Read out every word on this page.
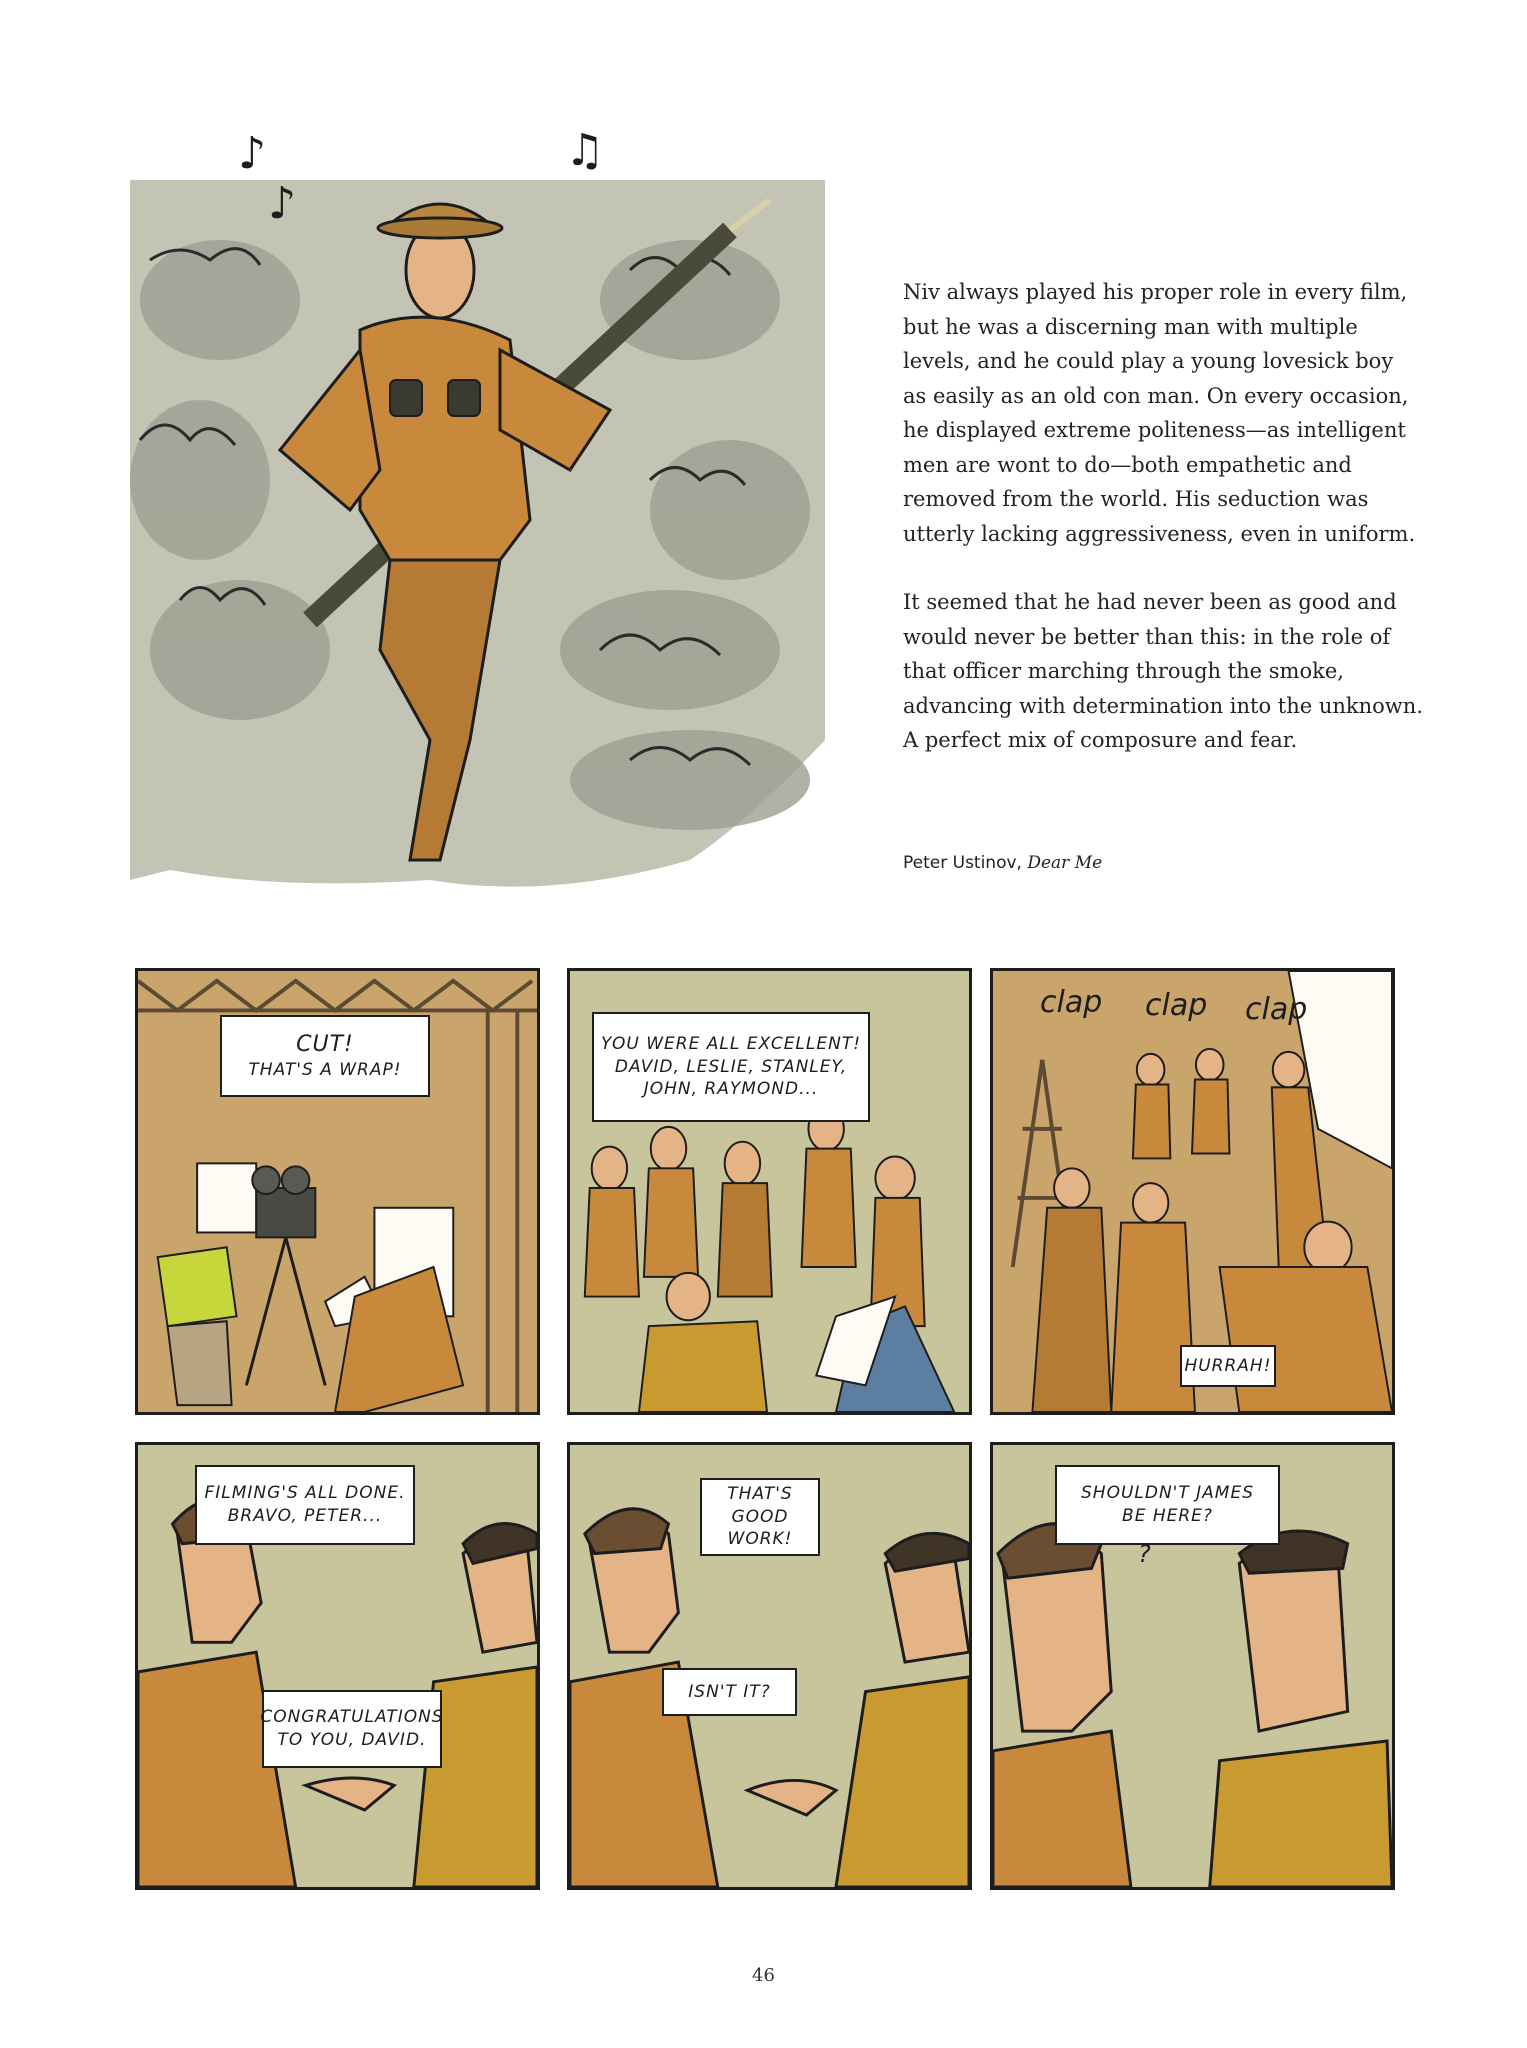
♪
♪
♫

Niv always played his proper role in every film, but he was a discerning man with multiple levels, and he could play a young lovesick boy as easily as an old con man. On every occasion, he displayed extreme politeness—as intelligent men are wont to do—both empathetic and removed from the world. His seduction was utterly lacking aggressiveness, even in uniform.

It seemed that he had never been as good and would never be better than this: in the role of that officer marching through the smoke, advancing with determination into the unknown. A perfect mix of composure and fear.

Peter Ustinov, Dear Me
CUT!
THAT'S A WRAP!
YOU WERE ALL EXCELLENT!
DAVID, LESLIE, STANLEY,
JOHN, RAYMOND...
clap clap clap
HURRAH!
FILMING'S ALL DONE.
BRAVO, PETER...
CONGRATULATIONS
TO YOU, DAVID.
THAT'S GOOD
WORK!
ISN'T IT?
SHOULDN'T JAMES
BE HERE?
?
46
